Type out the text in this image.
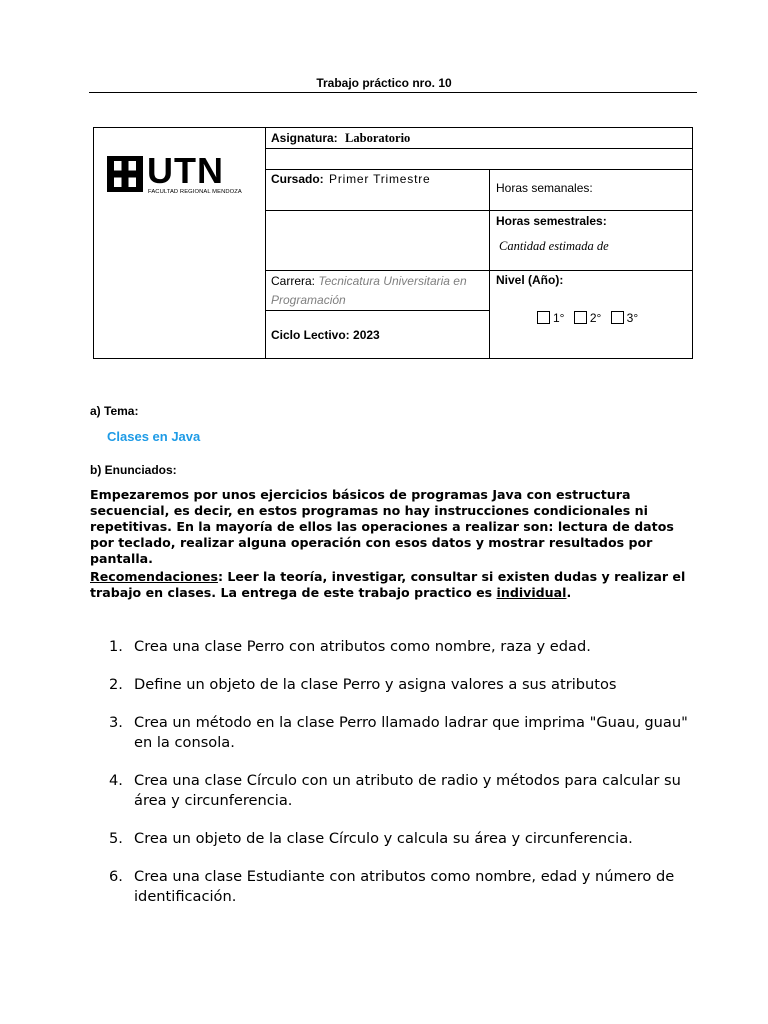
Trabajo práctico nro. 10
UTN
FACULTAD REGIONAL MENDOZA
Asignatura: Laboratorio
Cursado: Primer Trimestre
Horas semanales:
Horas semestrales:
Cantidad estimada de
Carrera: Tecnicatura Universitaria en
Programación
Nivel (Año):
1° 2° 3°
Ciclo Lectivo: 2023
a) Tema:
Clases en Java
b) Enunciados:
Empezaremos por unos ejercicios básicos de programas Java con estructura secuencial, es decir, en estos programas no hay instrucciones condicionales ni repetitivas. En la mayoría de ellos las operaciones a realizar son: lectura de datos por teclado, realizar alguna operación con esos datos y mostrar resultados por pantalla.
Recomendaciones: Leer la teoría, investigar, consultar si existen dudas y realizar el trabajo en clases. La entrega de este trabajo practico es individual.
1. Crea una clase Perro con atributos como nombre, raza y edad.
2. Define un objeto de la clase Perro y asigna valores a sus atributos
3. Crea un método en la clase Perro llamado ladrar que imprima "Guau, guau" en la consola.
4. Crea una clase Círculo con un atributo de radio y métodos para calcular su área y circunferencia.
5. Crea un objeto de la clase Círculo y calcula su área y circunferencia.
6. Crea una clase Estudiante con atributos como nombre, edad y número de identificación.
